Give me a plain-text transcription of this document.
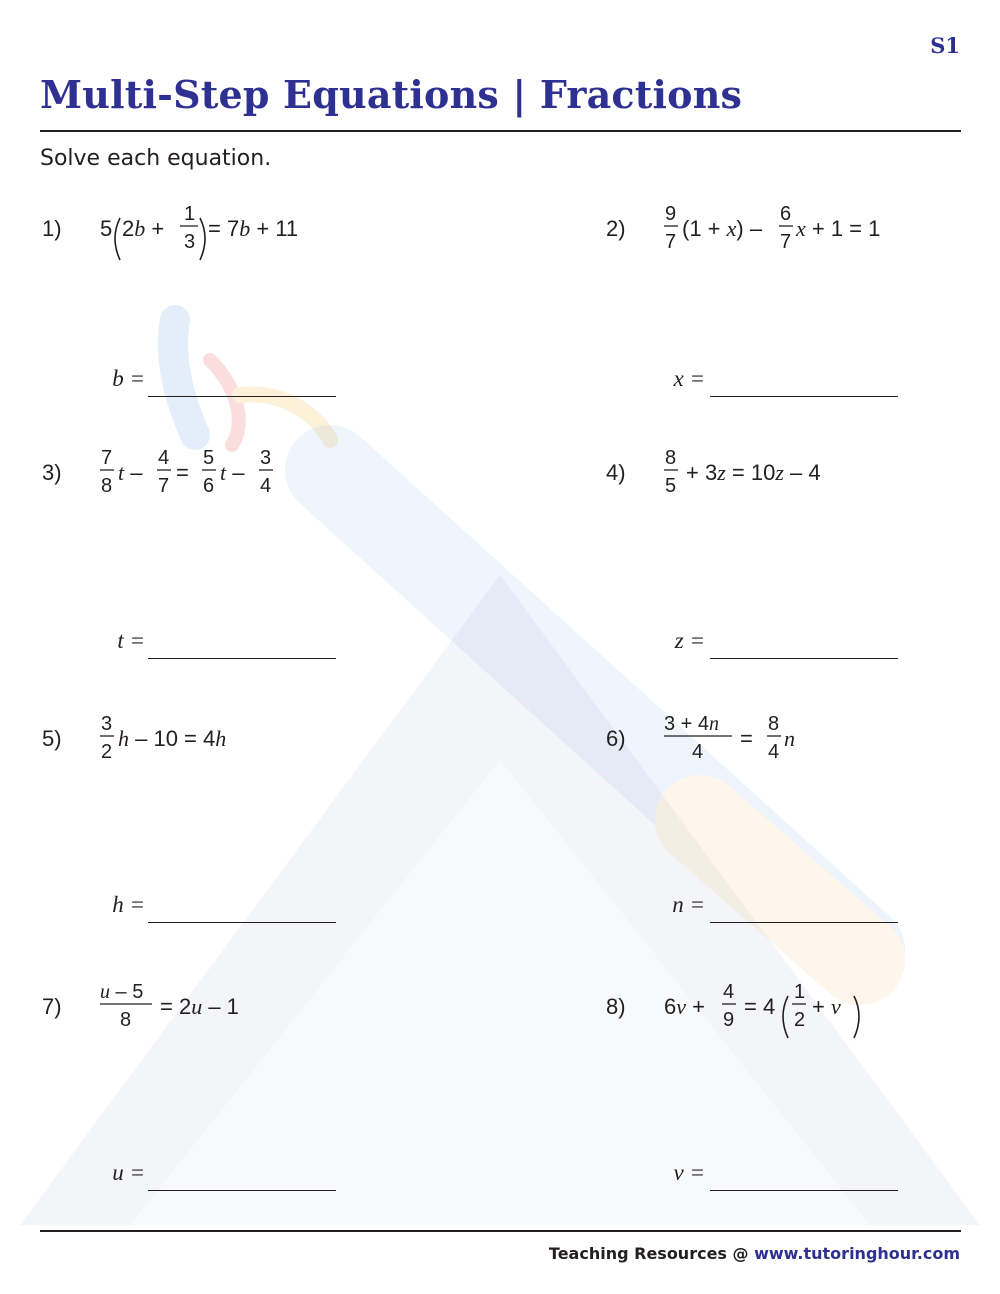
S1
Multi-Step Equations | Fractions
Solve each equation.
1) 5 2b +
1
3
= 7b + 11
b =
2)
9
7
(1 + x) –
6
7
x + 1 = 1
x =
3)
7
8
t –
4
7
=
5
6
t –
3
4
t =
4)
8
5
+ 3z = 10z – 4
z =
5)
3
2
h – 10 = 4h
h =
6)
3 + 4n
4
=
8
4
n
n =
7)
u – 5
8
= 2u – 1
u =
8) 6v +
4
9
= 4
1
2
+ v
v =
Teaching Resources @ www.tutoringhour.com
